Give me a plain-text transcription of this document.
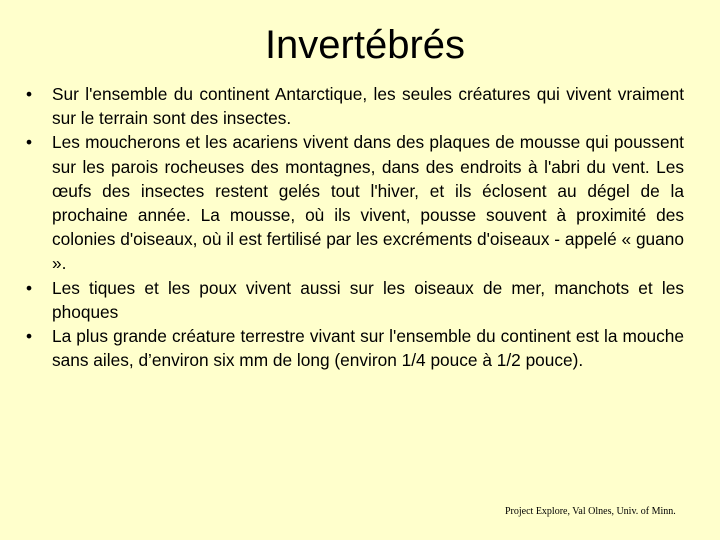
Invertébrés
•	Sur l'ensemble du continent Antarctique, les seules créatures qui vivent vraiment sur le terrain sont des insectes.
•	Les moucherons et les acariens vivent dans des plaques de mousse qui poussent sur les parois rocheuses des montagnes, dans des endroits à l'abri du vent. Les œufs des insectes restent gelés tout l'hiver, et ils éclosent au dégel de la prochaine année. La mousse, où ils vivent, pousse souvent à proximité des colonies d'oiseaux, où il est fertilisé par les excréments d'oiseaux - appelé « guano ».
•	Les tiques et les poux vivent aussi sur les oiseaux de mer, manchots et les phoques
•	La plus grande créature terrestre vivant sur l'ensemble du continent est la mouche sans ailes, d’environ six mm de long (environ 1/4 pouce à 1/2 pouce).
Project Explore, Val Olnes, Univ. of Minn.
